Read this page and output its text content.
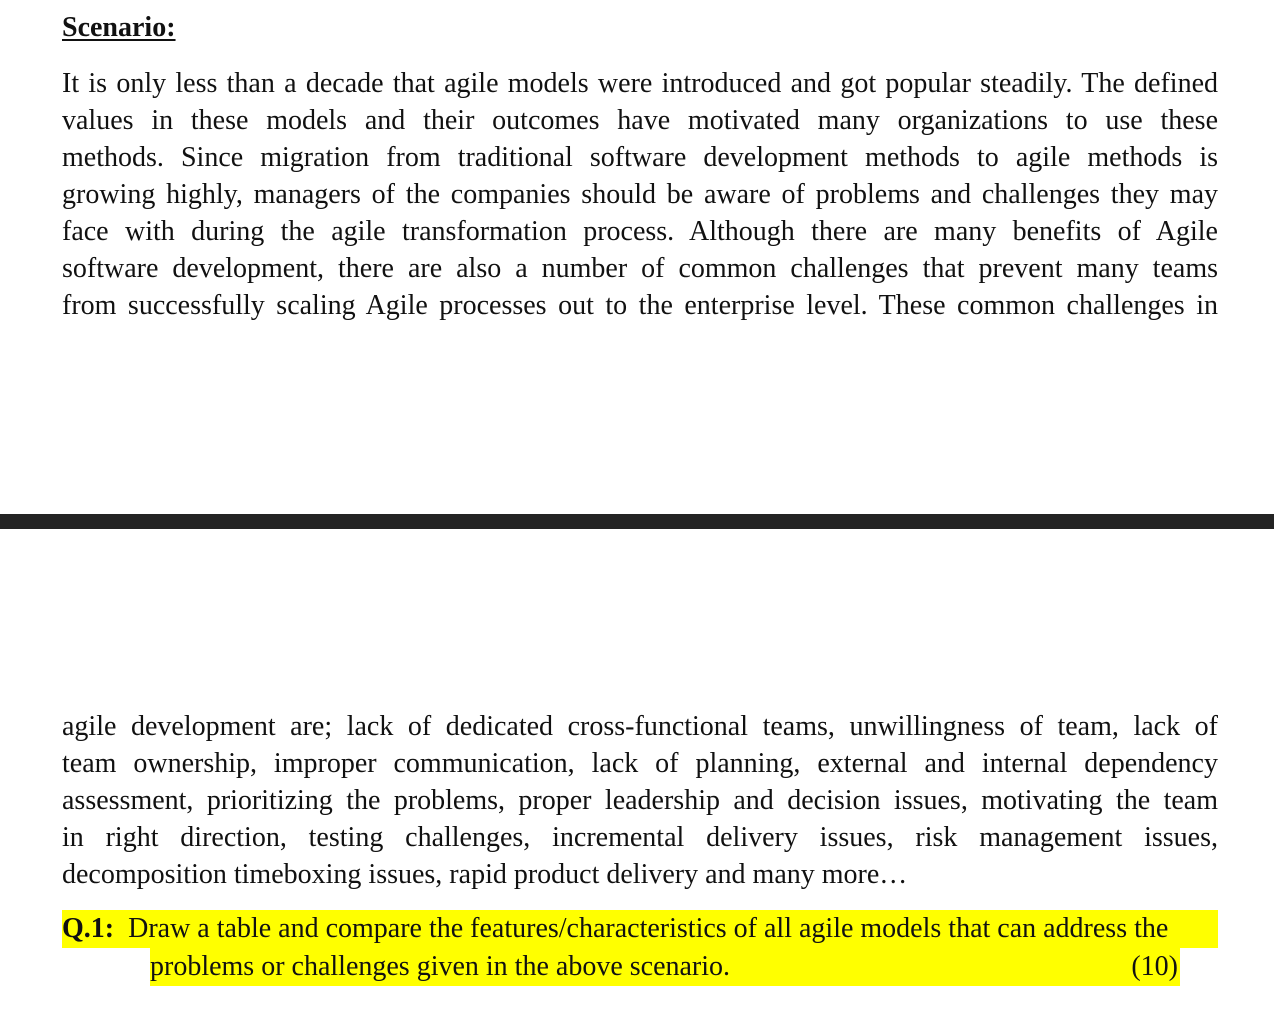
Scenario:
It is only less than a decade that agile models were introduced and got popular steadily. The defined
values in these models and their outcomes have motivated many organizations to use these
methods. Since migration from traditional software development methods to agile methods is
growing highly, managers of the companies should be aware of problems and challenges they may
face with during the agile transformation process. Although there are many benefits of Agile
software development, there are also a number of common challenges that prevent many teams
from successfully scaling Agile processes out to the enterprise level. These common challenges in
agile development are; lack of dedicated cross-functional teams, unwillingness of team, lack of
team ownership, improper communication, lack of planning, external and internal dependency
assessment, prioritizing the problems, proper leadership and decision issues, motivating the team
in right direction, testing challenges, incremental delivery issues, risk management issues,
decomposition timeboxing issues, rapid product delivery and many more…
Q.1: Draw a table and compare the features/characteristics of all agile models that can address the
problems or challenges given in the above scenario.	(10)
